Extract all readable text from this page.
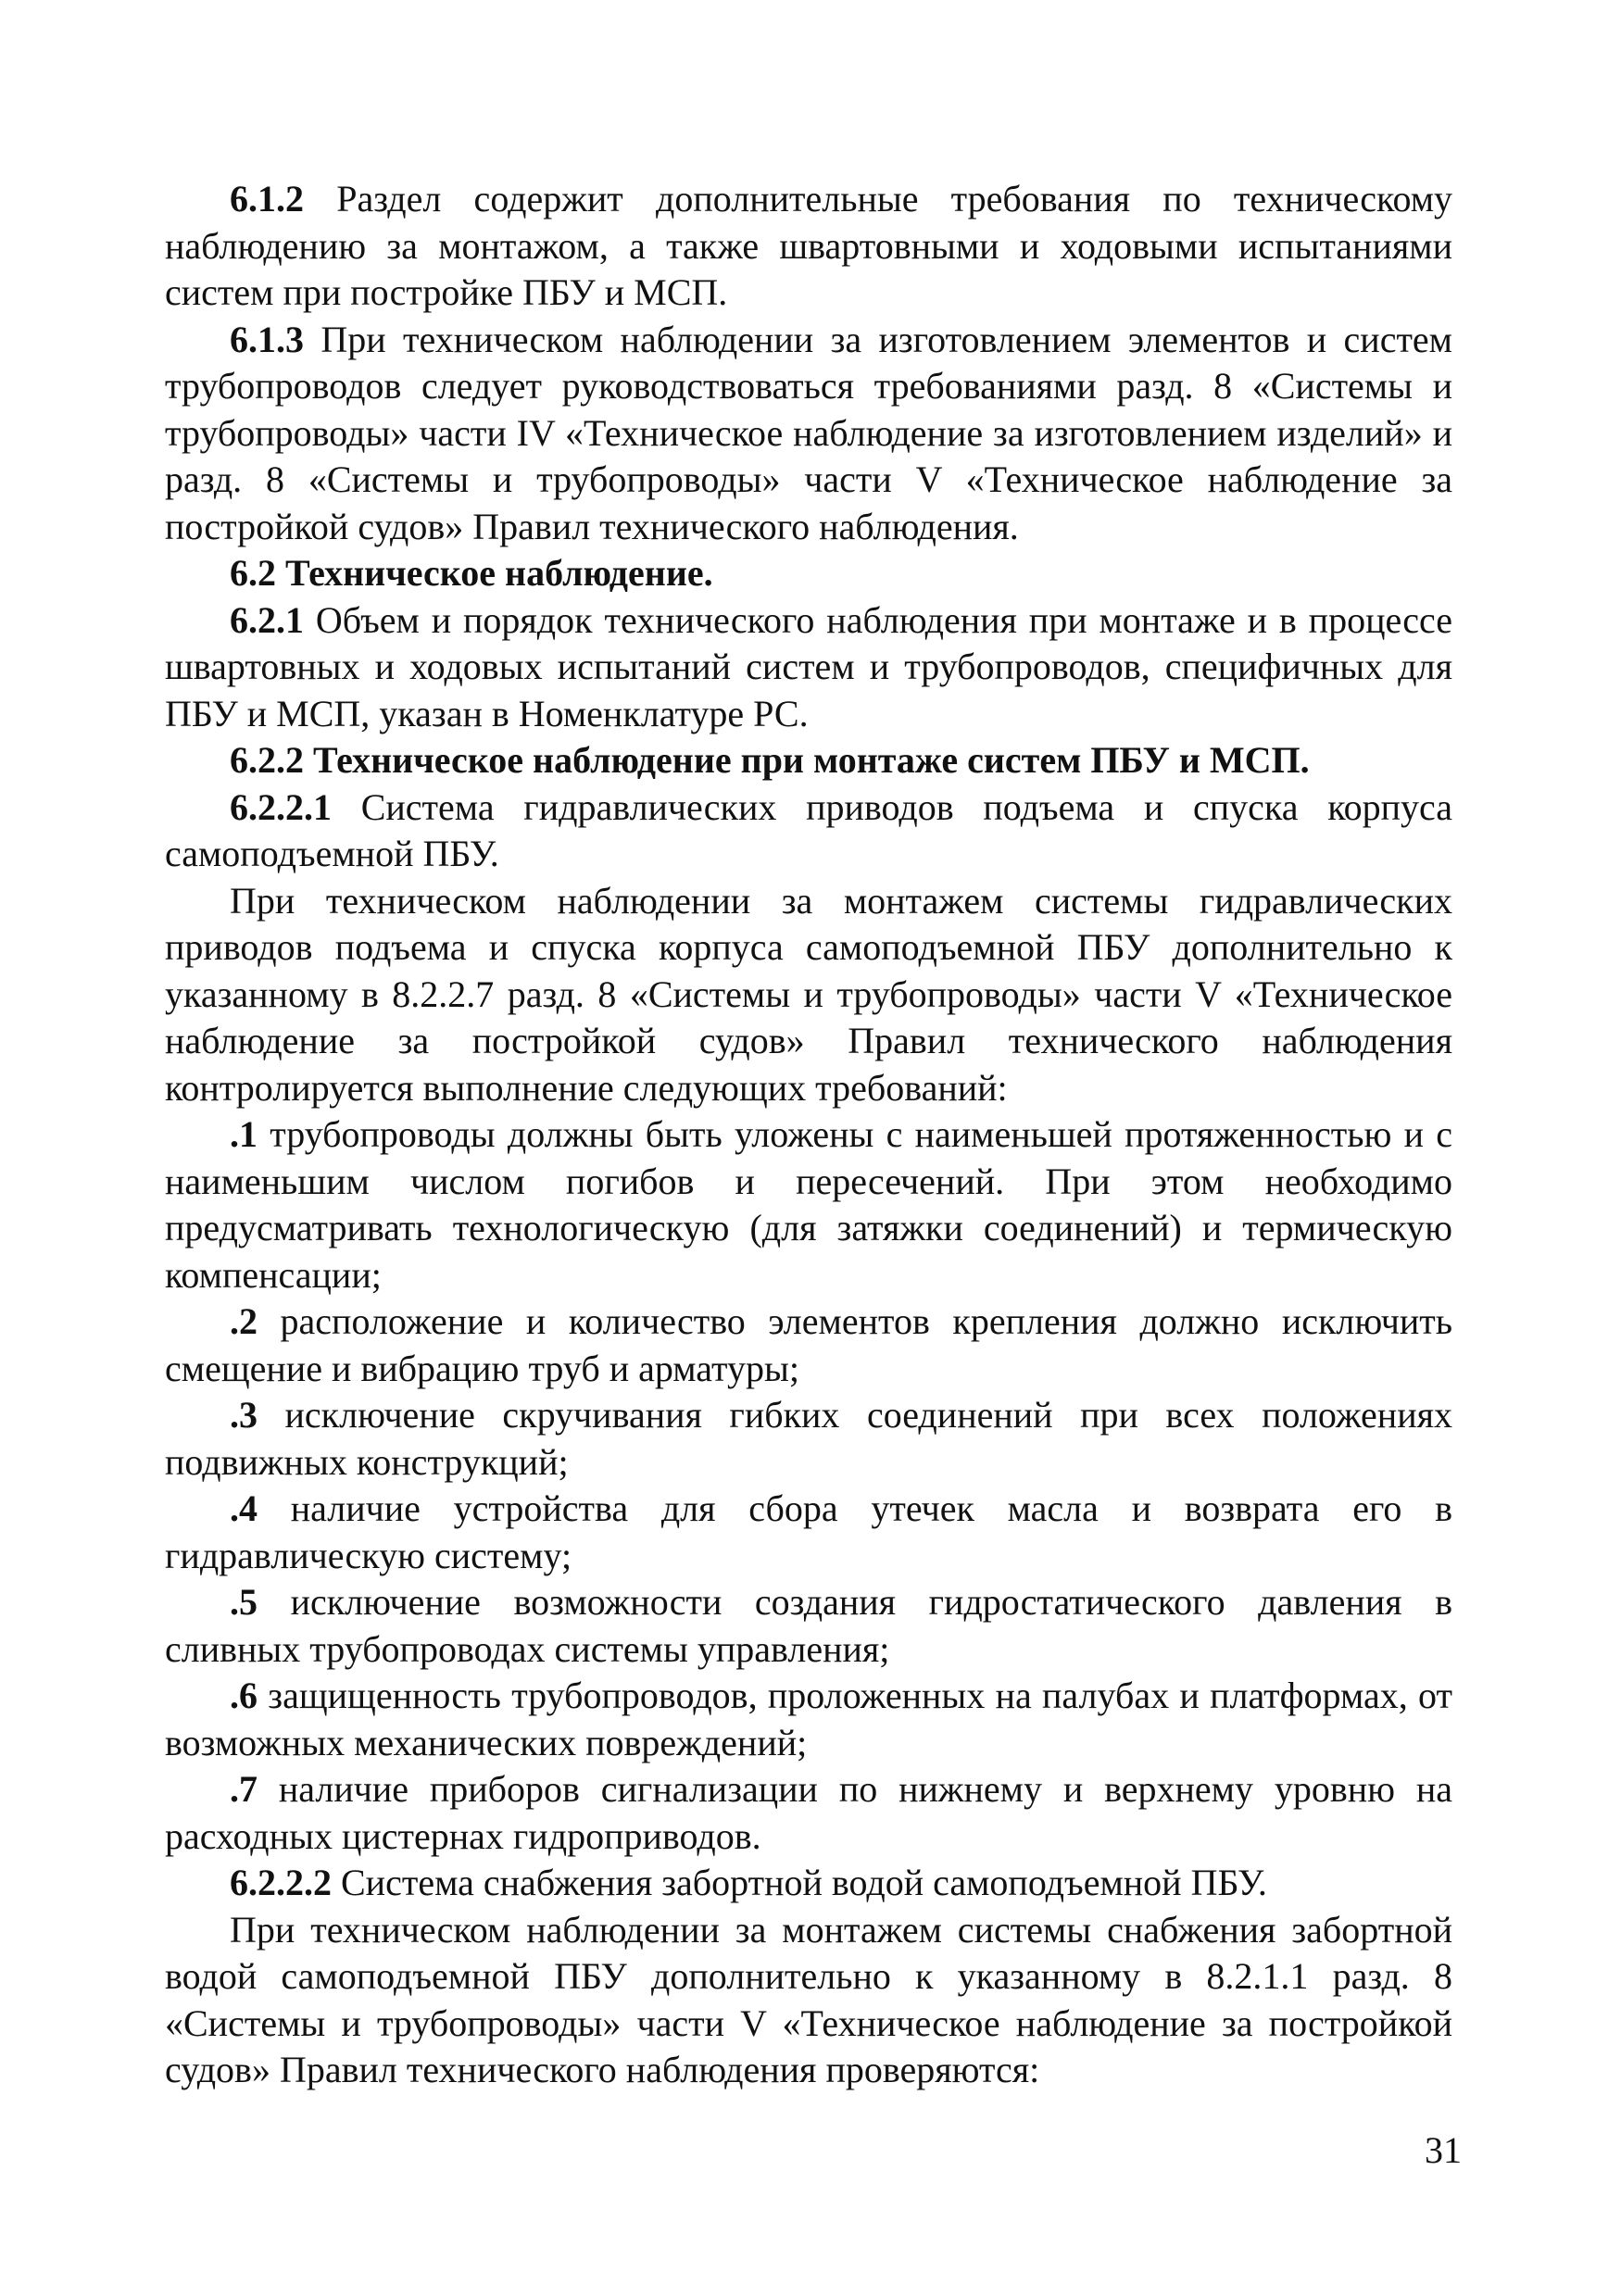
6.1.2 Раздел содержит дополнительные требования по техническому наблюдению за монтажом, а также швартовными и ходовыми испытаниями систем при постройке ПБУ и МСП.

6.1.3 При техническом наблюдении за изготовлением элементов и систем трубопроводов следует руководствоваться требованиями разд. 8 «Системы и трубопроводы» части IV «Техническое наблюдение за изготовлением изделий» и разд. 8 «Системы и трубопроводы» части V «Техническое наблюдение за постройкой судов» Правил технического наблюдения.

6.2 Техническое наблюдение.

6.2.1 Объем и порядок технического наблюдения при монтаже и в процессе швартовных и ходовых испытаний систем и трубопроводов, специфичных для ПБУ и МСП, указан в Номенклатуре РС.

6.2.2 Техническое наблюдение при монтаже систем ПБУ и МСП.

6.2.2.1 Система гидравлических приводов подъема и спуска корпуса самоподъемной ПБУ.

При техническом наблюдении за монтажем системы гидравлических приводов подъема и спуска корпуса самоподъемной ПБУ дополнительно к указанному в 8.2.2.7 разд. 8 «Системы и трубопроводы» части V «Техническое наблюдение за постройкой судов» Правил технического наблюдения контролируется выполнение следующих требований:

.1 трубопроводы должны быть уложены с наименьшей протяженностью и с наименьшим числом погибов и пересечений. При этом необходимо предусматривать технологическую (для затяжки соединений) и термическую компенсации;

.2 расположение и количество элементов крепления должно исключить смещение и вибрацию труб и арматуры;

.3 исключение скручивания гибких соединений при всех положениях подвижных конструкций;

.4 наличие устройства для сбора утечек масла и возврата его в гидравлическую систему;

.5 исключение возможности создания гидростатического давления в сливных трубопроводах системы управления;

.6 защищенность трубопроводов, проложенных на палубах и платформах, от возможных механических повреждений;

.7 наличие приборов сигнализации по нижнему и верхнему уровню на расходных цистернах гидроприводов.

6.2.2.2 Система снабжения забортной водой самоподъемной ПБУ.

При техническом наблюдении за монтажем системы снабжения забортной водой самоподъемной ПБУ дополнительно к указанному в 8.2.1.1 разд. 8 «Системы и трубопроводы» части V «Техническое наблюдение за постройкой судов» Правил технического наблюдения проверяются:

31
